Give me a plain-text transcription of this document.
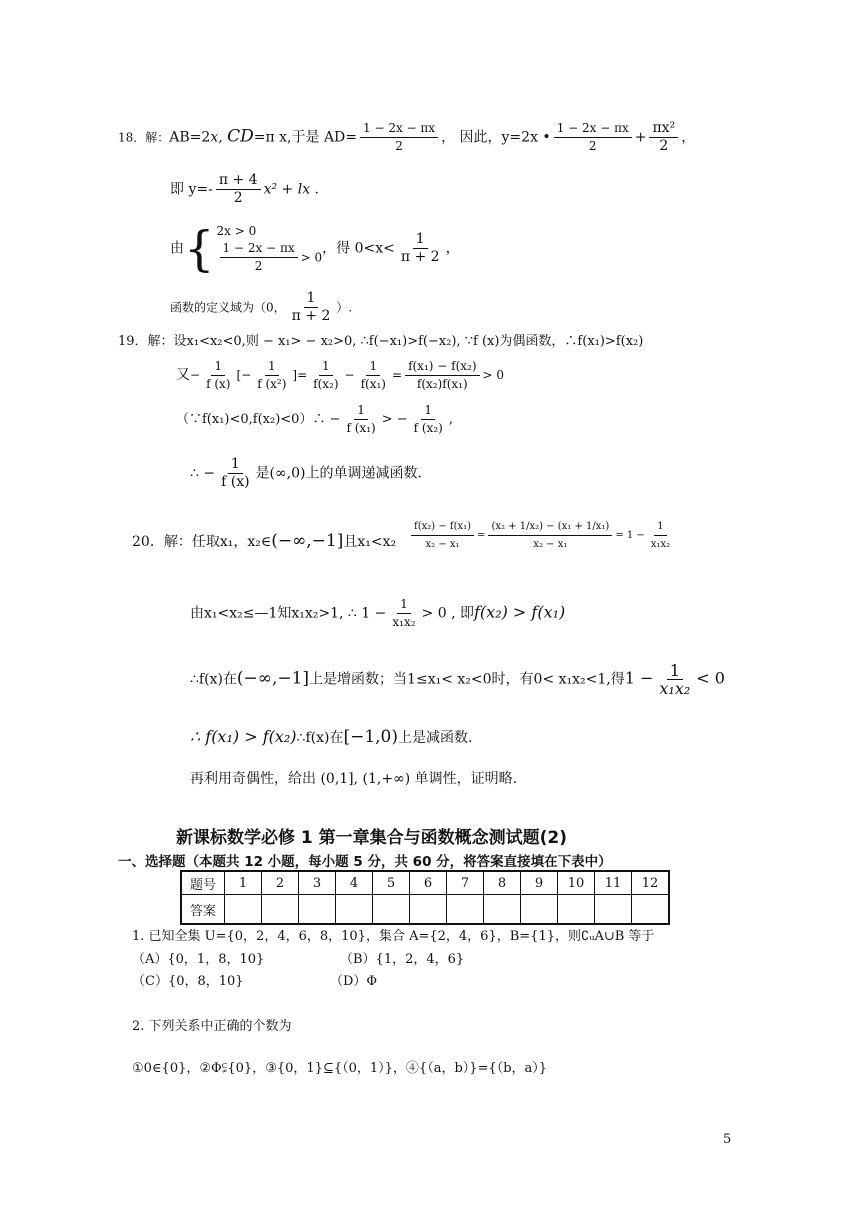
18．解：AB=2x, CD=π x,于是 $AD= \frac{1 - 2x - \pi x}{2}$ ， 因此，y=2x • $\frac{1 - 2x - \pi x}{2} + \frac{\text{πx²}}{2}$ ，
即 $y=- \frac{\pi + 4}{2} x^2$ + lx .
由{ 2x > 0
$\frac{1 - 2x - \pi x}{2} > 0$
，得 $0<x< \frac{1}{\pi + 2}$ ，
函数的定义域为（0， $\frac{1}{\pi + 2}$ ）.
19．解：设x₁<x₂<0,则 − x₁> − x₂>0, ∴f(−x₁)>f(−x₂), ∵f (x)为偶函数，∴f(x₁)>f(x₂)
又− $\frac{1}{f (x)}$ [− $\frac{1}{\text{f (x²)}}$ ]= $\frac{1}{\text{f(x₂)}} - \frac{1}{\text{f(x₁)}} = \frac{\text{f(x₁) − f(x₂)}}{\text{f(x₂)f(x₁)}} > 0$
（∵f(x₁)<0,f(x₂)<0）∴ − $\frac{1}{\text{f (x₁)}}$ > − $\frac{1}{\text{f (x₂)}}$ ,
∴ − $\frac{1}{f (x)}$ 是(∞,0)上的单调递减函数.
20．解：任取x₁，x₂∈(−∞,−1]且$x_1<x_2 \frac{\text{f(x₂) − f(x₁)}}{\text{x₂ − x₁}} = \frac{\text{(x₂ + 1/x₂) − (x₁ + 1/x₁)}}{\text{x₂ − x₁}} = 1 - \frac{1}{\text{x₁x₂}}$
由x₁<x₂≤—1知x₁x₂>1, ∴ $1 - \frac{1}{\text{x₁x₂}} > 0$ , 即f(x₂) > f(x₁)
∴f(x)在(−∞,−1]上是增函数；当1≤x₁< x₂<0时，有0< x₁x₂<1,得$1 - \frac{1}{\text{x₁x₂}} < 0$
∴ f(x₁) > f(x₂)∴f(x)在[−1,0)上是减函数.
再利用奇偶性，给出 (0,1], (1,+∞) 单调性，证明略.
新课标数学必修 1 第一章集合与函数概念测试题(2)
一、选择题（本题共 12 小题，每小题 5 分，共 60 分，将答案直接填在下表中）
题号	1	2	3	4	5	6	7	8	9	10	11	12
答案												
1. 已知全集 U={0，2，4，6，8，10}，集合 A={2，4，6}，B={1}，则∁ᵤA∪B 等于
（A）{0，1，8，10}	（B）{1，2，4，6}
（C）{0，8，10}	（D）Φ
2. 下列关系中正确的个数为
①0∈{0}，②Φ⫋{0}，③{0，1}⊆{（0，1）}，④{（a，b）}={（b，a）}
5
